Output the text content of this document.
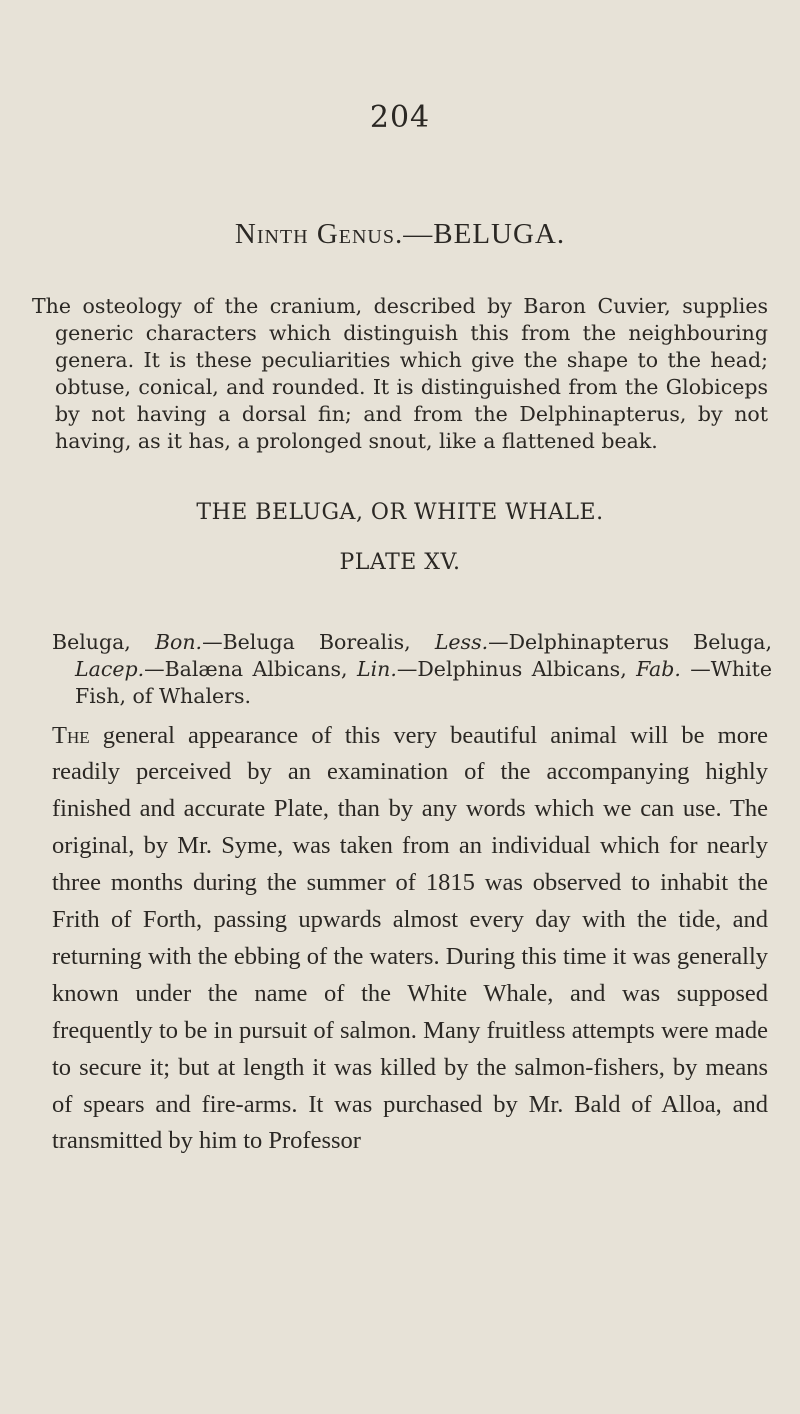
204
Ninth Genus.—BELUGA.

The osteology of the cranium, described by Baron Cuvier, supplies generic characters which distinguish this from the neighbouring genera. It is these peculiarities which give the shape to the head; obtuse, conical, and rounded. It is distinguished from the Globiceps by not having a dorsal fin; and from the Delphinapterus, by not having, as it has, a prolonged snout, like a flattened beak.

THE BELUGA, OR WHITE WHALE.
PLATE XV.

Beluga, Bon.—Beluga Borealis, Less.—Delphinapterus Beluga, Lacep.—Balæna Albicans, Lin.—Delphinus Albicans, Fab. —White Fish, of Whalers.

The general appearance of this very beautiful animal will be more readily perceived by an examination of the accompanying highly finished and accurate Plate, than by any words which we can use. The original, by Mr. Syme, was taken from an individual which for nearly three months during the summer of 1815 was observed to inhabit the Frith of Forth, passing upwards almost every day with the tide, and returning with the ebbing of the waters. During this time it was generally known under the name of the White Whale, and was supposed frequently to be in pursuit of salmon. Many fruitless attempts were made to secure it; but at length it was killed by the salmon-fishers, by means of spears and fire-arms. It was purchased by Mr. Bald of Alloa, and transmitted by him to Professor
